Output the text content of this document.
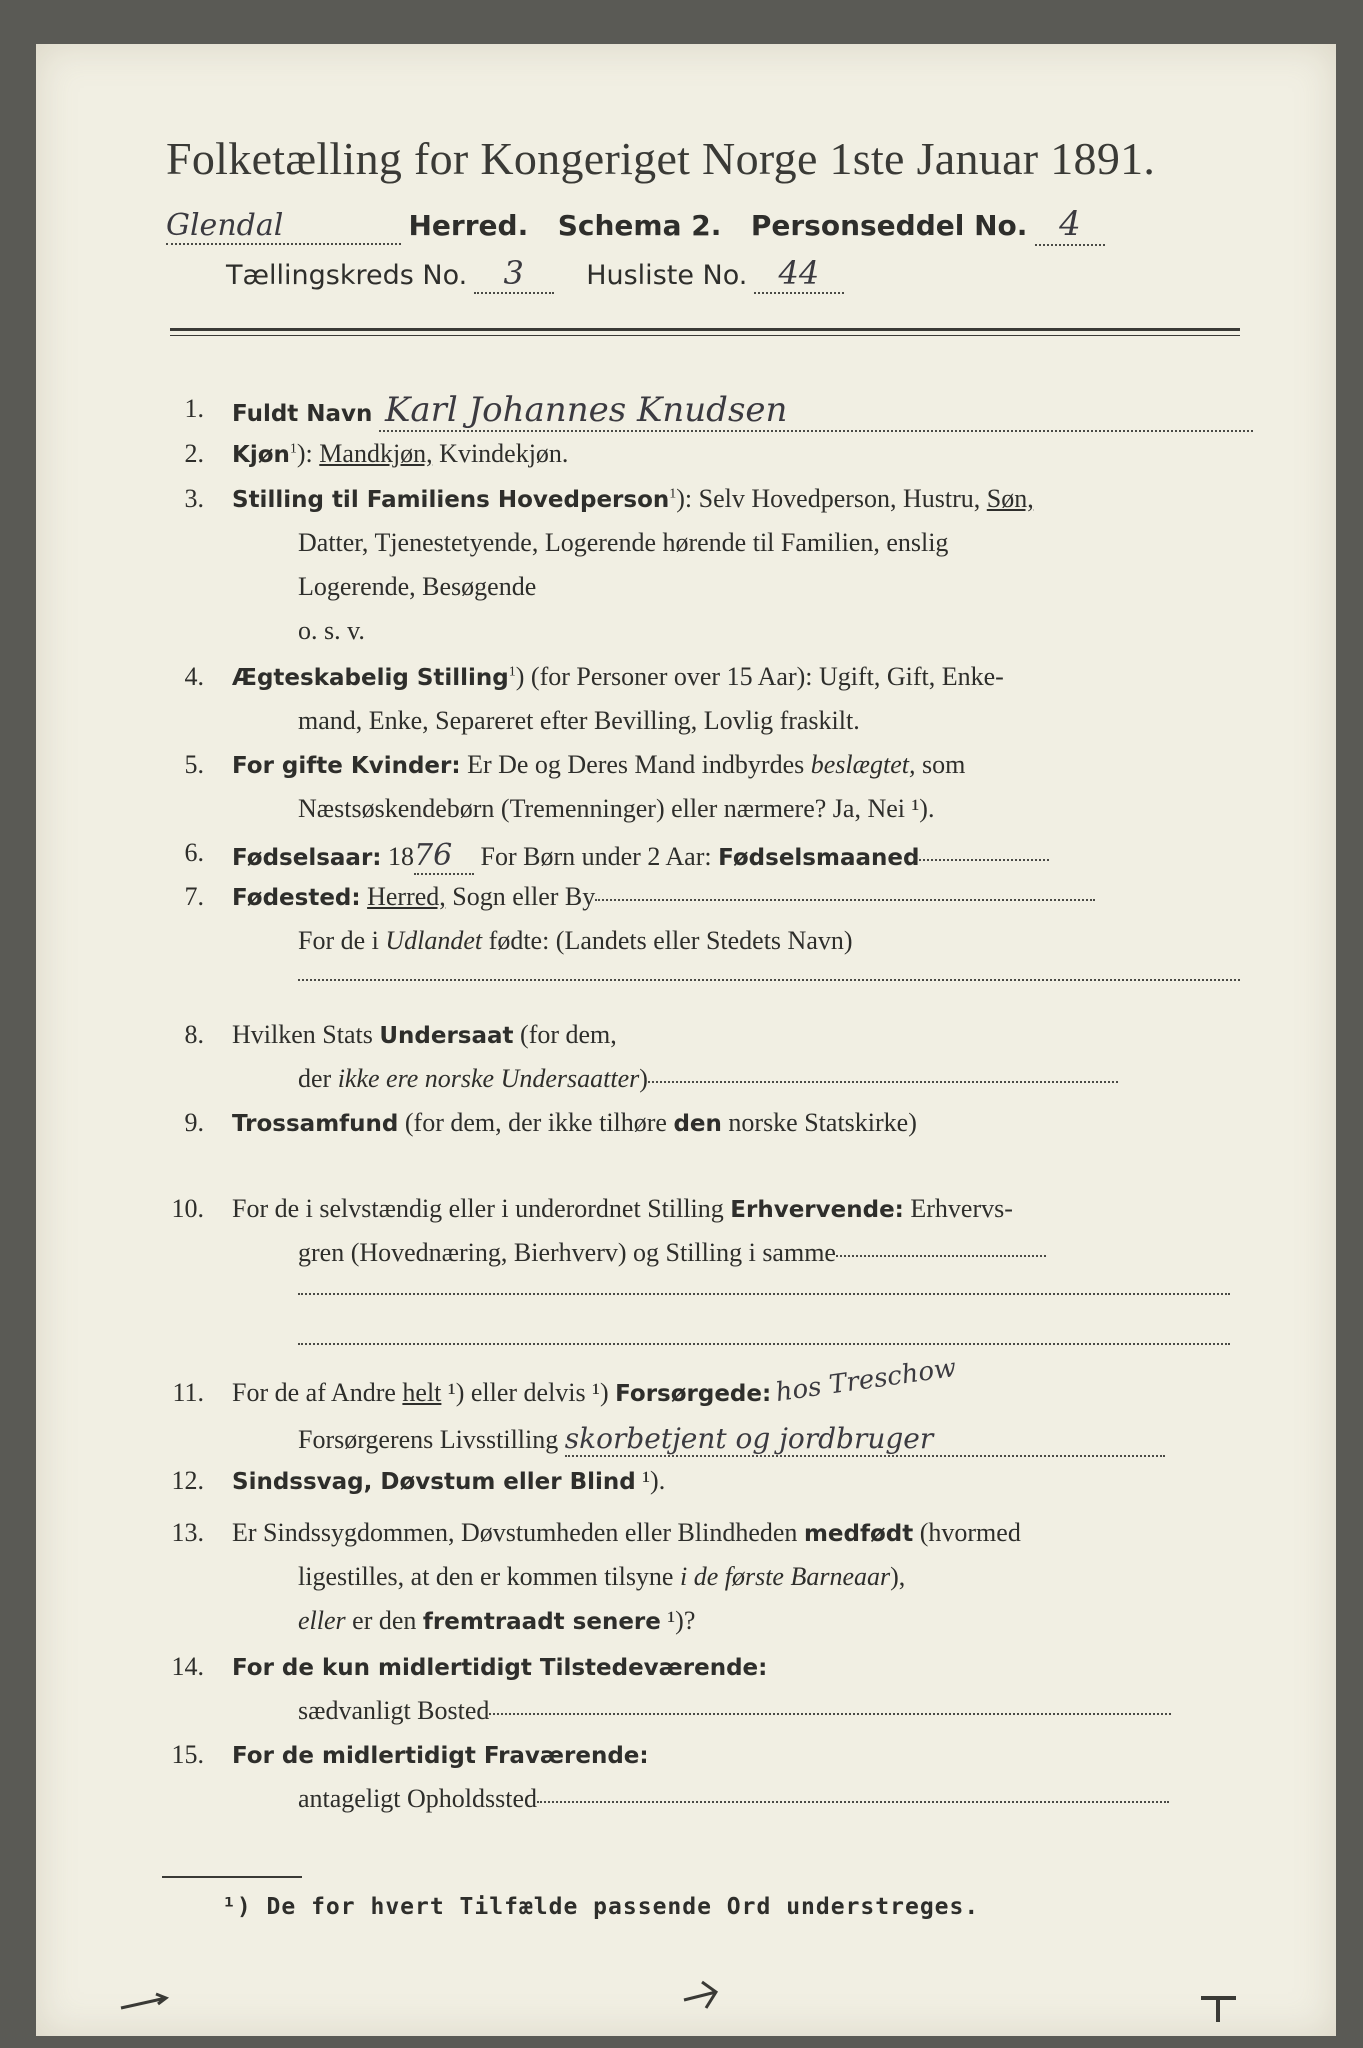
Folketælling for Kongeriget Norge 1ste Januar 1891.
Glendal	Herred. Schema 2. Personseddel No. 4
Tællingskreds No. 3 Husliste No. 44
1. Fuldt Navn Karl Johannes Knudsen
2. Kjøn$^1$): Mandkjøn, Kvindekjøn.
3. Stilling til Familiens Hovedperson$^1$): Selv Hovedperson, Hustru, Søn,
Datter, Tjenestetyende, Logerende hørende til Familien, enslig
Logerende, Besøgende
o. s. v.
4. Ægteskabelig Stilling$^1$) (for Personer over 15 Aar): Ugift, Gift, Enke-
mand, Enke, Separeret efter Bevilling, Lovlig fraskilt.
5. For gifte Kvinder: Er De og Deres Mand indbyrdes beslægtet, som
Næstsøskendebørn (Tremenninger) eller nærmere? Ja, Nei ¹).
6. Fødselsaar: 1876 For Børn under 2 Aar: Fødselsmaaned
7. Fødested: Herred, Sogn eller By
For de i Udlandet fødte: (Landets eller Stedets Navn)
8. Hvilken Stats Undersaat (for dem,
der ikke ere norske Undersaatter)
9. Trossamfund (for dem, der ikke tilhøre den norske Statskirke)
10. For de i selvstændig eller i underordnet Stilling Erhvervende: Erhvervs-
gren (Hovednæring, Bierhverv) og Stilling i samme
11. For de af Andre helt ¹) eller delvis ¹) Forsørgede: hos Treschow
Forsørgerens Livsstilling skorbetjent og jordbruger
12. Sindssvag, Døvstum eller Blind ¹).
13. Er Sindssygdommen, Døvstumheden eller Blindheden medfødt (hvormed
ligestilles, at den er kommen tilsyne i de første Barneaar),
eller er den fremtraadt senere ¹)?
14. For de kun midlertidigt Tilstedeværende:
sædvanligt Bosted
15. For de midlertidigt Fraværende:
antageligt Opholdssted
¹) De for hvert Tilfælde passende Ord understreges.
